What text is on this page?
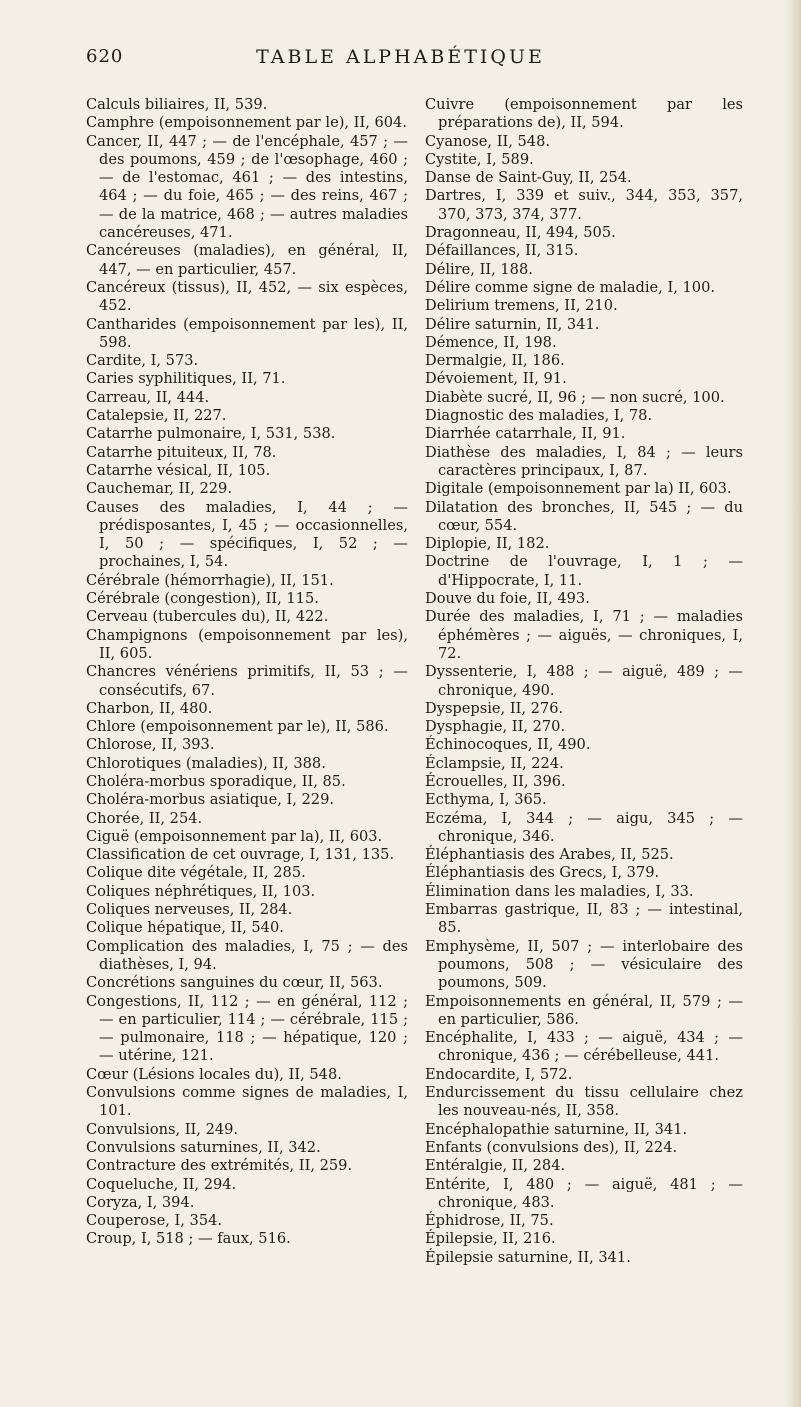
620	TABLE ALPHABÉTIQUE
Calculs biliaires, II, 539.
Camphre (empoisonnement par le), II, 604.
Cancer, II, 447 ; — de l'encéphale, 457 ; — des poumons, 459 ; de l'œsophage, 460 ; — de l'estomac, 461 ; — des intestins, 464 ; — du foie, 465 ; — des reins, 467 ; — de la matrice, 468 ; — autres maladies cancéreuses, 471.
Cancéreuses (maladies), en général, II, 447, — en particulier, 457.
Cancéreux (tissus), II, 452, — six espèces, 452.
Cantharides (empoisonnement par les), II, 598.
Cardite, I, 573.
Caries syphilitiques, II, 71.
Carreau, II, 444.
Catalepsie, II, 227.
Catarrhe pulmonaire, I, 531, 538.
Catarrhe pituiteux, II, 78.
Catarrhe vésical, II, 105.
Cauchemar, II, 229.
Causes des maladies, I, 44 ; — prédisposantes, I, 45 ; — occasionnelles, I, 50 ; — spécifiques, I, 52 ; — prochaines, I, 54.
Cérébrale (hémorrhagie), II, 151.
Cérébrale (congestion), II, 115.
Cerveau (tubercules du), II, 422.
Champignons (empoisonnement par les), II, 605.
Chancres vénériens primitifs, II, 53 ; — consécutifs, 67.
Charbon, II, 480.
Chlore (empoisonnement par le), II, 586.
Chlorose, II, 393.
Chlorotiques (maladies), II, 388.
Choléra-morbus sporadique, II, 85.
Choléra-morbus asiatique, I, 229.
Chorée, II, 254.
Ciguë (empoisonnement par la), II, 603.
Classification de cet ouvrage, I, 131, 135.
Colique dite végétale, II, 285.
Coliques néphrétiques, II, 103.
Coliques nerveuses, II, 284.
Colique hépatique, II, 540.
Complication des maladies, I, 75 ; — des diathèses, I, 94.
Concrétions sanguines du cœur, II, 563.
Congestions, II, 112 ; — en général, 112 ; — en particulier, 114 ; — cérébrale, 115 ; — pulmonaire, 118 ; — hépatique, 120 ; — utérine, 121.
Cœur (Lésions locales du), II, 548.
Convulsions comme signes de maladies, I, 101.
Convulsions, II, 249.
Convulsions saturnines, II, 342.
Contracture des extrémités, II, 259.
Coqueluche, II, 294.
Coryza, I, 394.
Couperose, I, 354.
Croup, I, 518 ; — faux, 516.
Cuivre (empoisonnement par les préparations de), II, 594.
Cyanose, II, 548.
Cystite, I, 589.
Danse de Saint-Guy, II, 254.
Dartres, I, 339 et suiv., 344, 353, 357, 370, 373, 374, 377.
Dragonneau, II, 494, 505.
Défaillances, II, 315.
Délire, II, 188.
Délire comme signe de maladie, I, 100.
Delirium tremens, II, 210.
Délire saturnin, II, 341.
Démence, II, 198.
Dermalgie, II, 186.
Dévoiement, II, 91.
Diabète sucré, II, 96 ; — non sucré, 100.
Diagnostic des maladies, I, 78.
Diarrhée catarrhale, II, 91.
Diathèse des maladies, I, 84 ; — leurs caractères principaux, I, 87.
Digitale (empoisonnement par la) II, 603.
Dilatation des bronches, II, 545 ; — du cœur, 554.
Diplopie, II, 182.
Doctrine de l'ouvrage, I, 1 ; — d'Hippocrate, I, 11.
Douve du foie, II, 493.
Durée des maladies, I, 71 ; — maladies éphémères ; — aiguës, — chroniques, I, 72.
Dyssenterie, I, 488 ; — aiguë, 489 ; — chronique, 490.
Dyspepsie, II, 276.
Dysphagie, II, 270.
Échinocoques, II, 490.
Éclampsie, II, 224.
Écrouelles, II, 396.
Ecthyma, I, 365.
Eczéma, I, 344 ; — aigu, 345 ; — chronique, 346.
Éléphantiasis des Arabes, II, 525.
Éléphantiasis des Grecs, I, 379.
Élimination dans les maladies, I, 33.
Embarras gastrique, II, 83 ; — intestinal, 85.
Emphysème, II, 507 ; — interlobaire des poumons, 508 ; — vésiculaire des poumons, 509.
Empoisonnements en général, II, 579 ; — en particulier, 586.
Encéphalite, I, 433 ; — aiguë, 434 ; — chronique, 436 ; — cérébelleuse, 441.
Endocardite, I, 572.
Endurcissement du tissu cellulaire chez les nouveau-nés, II, 358.
Encéphalopathie saturnine, II, 341.
Enfants (convulsions des), II, 224.
Entéralgie, II, 284.
Entérite, I, 480 ; — aiguë, 481 ; — chronique, 483.
Éphidrose, II, 75.
Épilepsie, II, 216.
Épilepsie saturnine, II, 341.
